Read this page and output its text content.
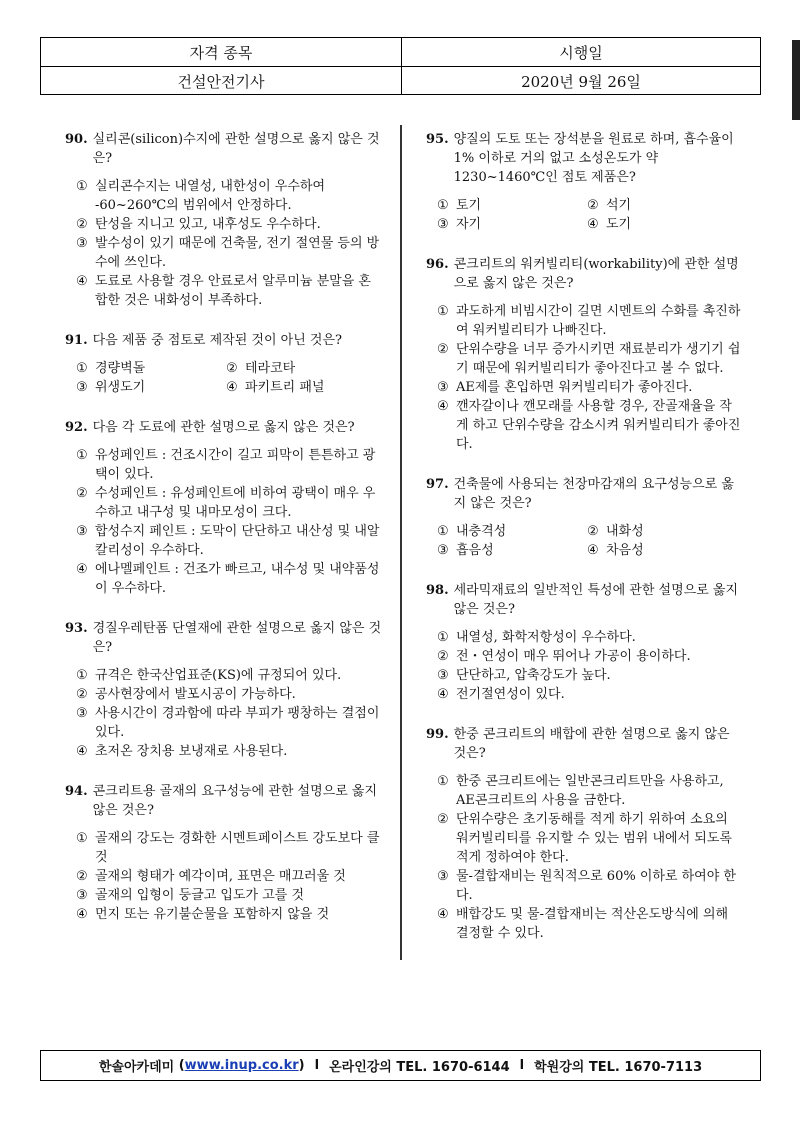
자격 종목	시행일
건설안전기사	2020년 9월 26일
90. 실리콘(silicon)수지에 관한 설명으로 옳지 않은 것은?
① 실리콘수지는 내열성, 내한성이 우수하여 -60~260℃의 범위에서 안정하다.
② 탄성을 지니고 있고, 내후성도 우수하다.
③ 발수성이 있기 때문에 건축물, 전기 절연물 등의 방수에 쓰인다.
④ 도료로 사용할 경우 안료로서 알루미늄 분말을 혼합한 것은 내화성이 부족하다.
91. 다음 제품 중 점토로 제작된 것이 아닌 것은?
① 경량벽돌	② 테라코타
③ 위생도기	④ 파키트리 패널
92. 다음 각 도료에 관한 설명으로 옳지 않은 것은?
① 유성페인트 : 건조시간이 길고 피막이 튼튼하고 광택이 있다.
② 수성페인트 : 유성페인트에 비하여 광택이 매우 우수하고 내구성 및 내마모성이 크다.
③ 합성수지 페인트 : 도막이 단단하고 내산성 및 내알칼리성이 우수하다.
④ 에나멜페인트 : 건조가 빠르고, 내수성 및 내약품성이 우수하다.
93. 경질우레탄폼 단열재에 관한 설명으로 옳지 않은 것은?
① 규격은 한국산업표준(KS)에 규정되어 있다.
② 공사현장에서 발포시공이 가능하다.
③ 사용시간이 경과함에 따라 부피가 팽창하는 결점이 있다.
④ 초저온 장치용 보냉재로 사용된다.
94. 콘크리트용 골재의 요구성능에 관한 설명으로 옳지 않은 것은?
① 골재의 강도는 경화한 시멘트페이스트 강도보다 클 것
② 골재의 형태가 예각이며, 표면은 매끄러울 것
③ 골재의 입형이 둥글고 입도가 고를 것
④ 먼지 또는 유기불순물을 포함하지 않을 것
95. 양질의 도토 또는 장석분을 원료로 하며, 흡수율이 1% 이하로 거의 없고 소성온도가 약 1230~1460℃인 점토 제품은?
① 토기	② 석기
③ 자기	④ 도기
96. 콘크리트의 워커빌리티(workability)에 관한 설명으로 옳지 않은 것은?
① 과도하게 비빔시간이 길면 시멘트의 수화를 촉진하여 워커빌리티가 나빠진다.
② 단위수량을 너무 증가시키면 재료분리가 생기기 쉽기 때문에 워커빌리티가 좋아진다고 볼 수 없다.
③ AE제를 혼입하면 워커빌리티가 좋아진다.
④ 깬자갈이나 깬모래를 사용할 경우, 잔골재율을 작게 하고 단위수량을 감소시켜 워커빌리티가 좋아진다.
97. 건축물에 사용되는 천장마감재의 요구성능으로 옳지 않은 것은?
① 내충격성	② 내화성
③ 흡음성	④ 차음성
98. 세라믹재료의 일반적인 특성에 관한 설명으로 옳지 않은 것은?
① 내열성, 화학저항성이 우수하다.
② 전・연성이 매우 뛰어나 가공이 용이하다.
③ 단단하고, 압축강도가 높다.
④ 전기절연성이 있다.
99. 한중 콘크리트의 배합에 관한 설명으로 옳지 않은 것은?
① 한중 콘크리트에는 일반콘크리트만을 사용하고, AE콘크리트의 사용을 금한다.
② 단위수량은 초기동해를 적게 하기 위하여 소요의 워커빌리티를 유지할 수 있는 범위 내에서 되도록 적게 정하여야 한다.
③ 물-결합재비는 원칙적으로 60% 이하로 하여야 한다.
④ 배합강도 및 물-결합재비는 적산온도방식에 의해 결정할 수 있다.
한솔아카데미 ( www.inup.co.kr ) l 온라인강의 TEL. 1670-6144 l 학원강의 TEL. 1670-7113
